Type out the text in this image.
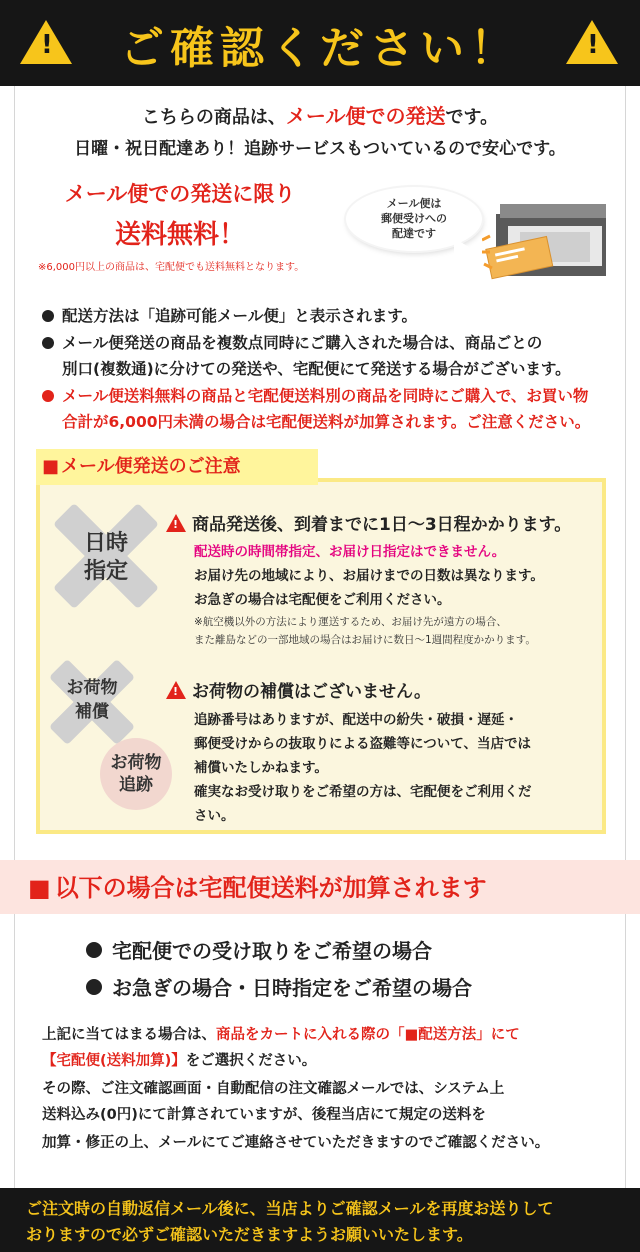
!	ご確認ください！	!
こちらの商品は、メール便での発送です。
日曜・祝日配達あり！追跡サービスもついているので安心です。
メール便での発送に限り
送料無料！
※6,000円以上の商品は、宅配便でも送料無料となります。
メール便は
郵便受けへの
配達です
配送方法は「追跡可能メール便」と表示されます。
メール便発送の商品を複数点同時にご購入された場合は、商品ごとの
別口(複数通)に分けての発送や、宅配便にて発送する場合がございます。
メール便送料無料の商品と宅配便送料別の商品を同時にご購入で、お買い物
合計が6,000円未満の場合は宅配便送料が加算されます。ご注意ください。
■ メール便発送のご注意
日時
指定
!商品発送後、到着までに1日〜3日程かかります。
配送時の時間帯指定、お届け日指定はできません。
お届け先の地域により、お届けまでの日数は異なります。
お急ぎの場合は宅配便をご利用ください。
※航空機以外の方法により運送するため、お届け先が遠方の場合、
また離島などの一部地域の場合はお届けに数日〜1週間程度かかります。
お荷物
補償
お荷物
追跡
!お荷物の補償はございません。
追跡番号はありますが、配送中の紛失・破損・遅延・
郵便受けからの抜取りによる盗難等について、当店では
補償いたしかねます。
確実なお受け取りをご希望の方は、宅配便をご利用くだ
さい。
■ 以下の場合は宅配便送料が加算されます
宅配便での受け取りをご希望の場合
お急ぎの場合・日時指定をご希望の場合
上記に当てはまる場合は、商品をカートに入れる際の「■配送方法」にて
【宅配便(送料加算)】をご選択ください。
その際、ご注文確認画面・自動配信の注文確認メールでは、システム上
送料込み(0円)にて計算されていますが、後程当店にて規定の送料を
加算・修正の上、メールにてご連絡させていただきますのでご確認ください。
ご注文時の自動返信メール後に、当店よりご確認メールを再度お送りして
おりますので必ずご確認いただきますようお願いいたします。
